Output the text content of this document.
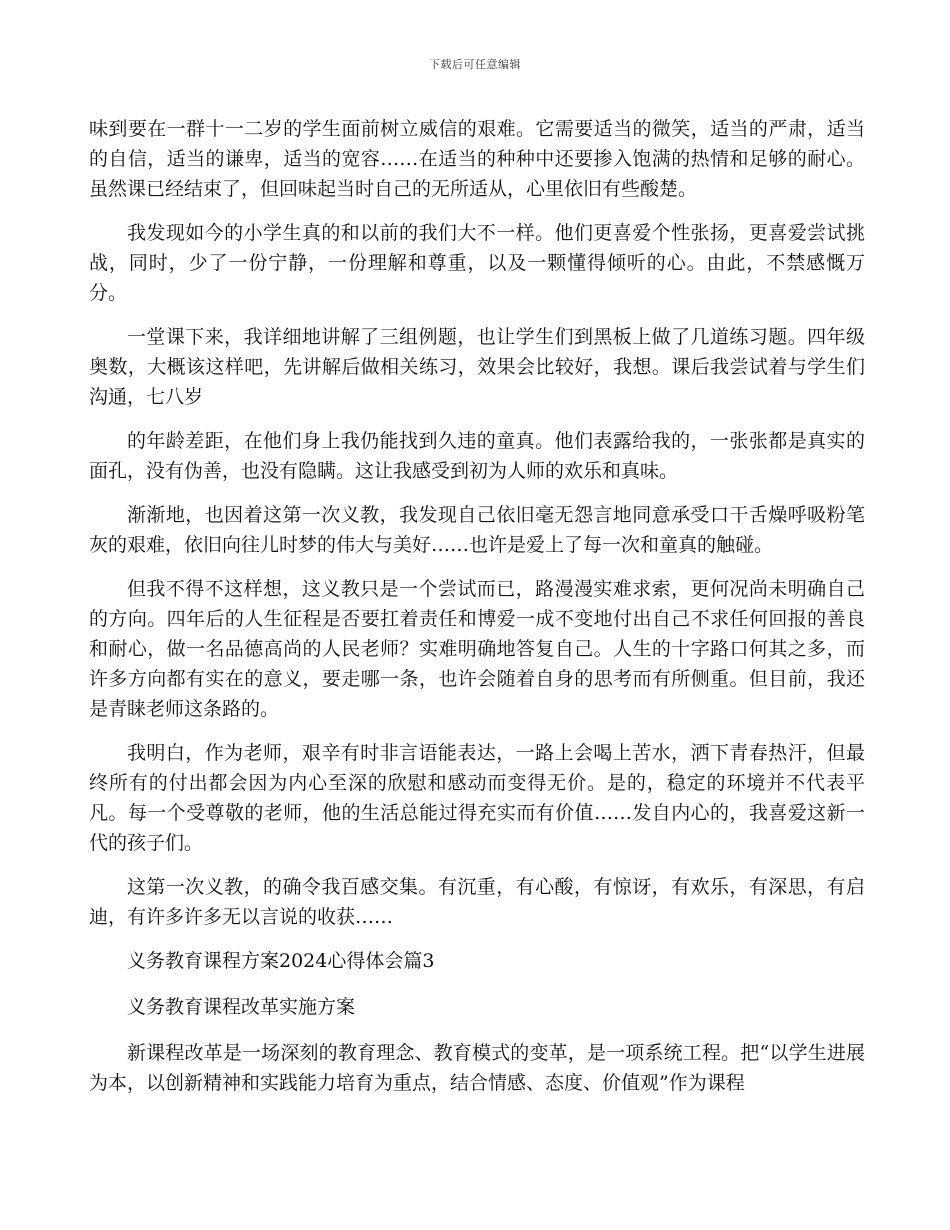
下载后可任意编辑

味到要在一群十一二岁的学生面前树立威信的艰难。它需要适当的微笑，适当的严肃，适当的自信，适当的谦卑，适当的宽容……在适当的种种中还要掺入饱满的热情和足够的耐心。虽然课已经结束了，但回味起当时自己的无所适从，心里依旧有些酸楚。

我发现如今的小学生真的和以前的我们大不一样。他们更喜爱个性张扬，更喜爱尝试挑战，同时，少了一份宁静，一份理解和尊重，以及一颗懂得倾听的心。由此，不禁感慨万分。

一堂课下来，我详细地讲解了三组例题，也让学生们到黑板上做了几道练习题。四年级奥数，大概该这样吧，先讲解后做相关练习，效果会比较好，我想。课后我尝试着与学生们沟通，七八岁

的年龄差距，在他们身上我仍能找到久违的童真。他们表露给我的，一张张都是真实的面孔，没有伪善，也没有隐瞒。这让我感受到初为人师的欢乐和真味。

渐渐地，也因着这第一次义教，我发现自己依旧毫无怨言地同意承受口干舌燥呼吸粉笔灰的艰难，依旧向往儿时梦的伟大与美好……也许是爱上了每一次和童真的触碰。

但我不得不这样想，这义教只是一个尝试而已，路漫漫实难求索，更何况尚未明确自己的方向。四年后的人生征程是否要扛着责任和博爱一成不变地付出自己不求任何回报的善良和耐心，做一名品德高尚的人民老师？实难明确地答复自己。人生的十字路口何其之多，而许多方向都有实在的意义，要走哪一条，也许会随着自身的思考而有所侧重。但目前，我还是青睐老师这条路的。

我明白，作为老师，艰辛有时非言语能表达，一路上会喝上苦水，洒下青春热汗，但最终所有的付出都会因为内心至深的欣慰和感动而变得无价。是的，稳定的环境并不代表平凡。每一个受尊敬的老师，他的生活总能过得充实而有价值……发自内心的，我喜爱这新一代的孩子们。

这第一次义教，的确令我百感交集。有沉重，有心酸，有惊讶，有欢乐，有深思，有启迪，有许多许多无以言说的收获……

义务教育课程方案2024心得体会篇3

义务教育课程改革实施方案

新课程改革是一场深刻的教育理念、教育模式的变革，是一项系统工程。把“以学生进展为本，以创新精神和实践能力培育为重点，结合情感、态度、价值观”作为课程
